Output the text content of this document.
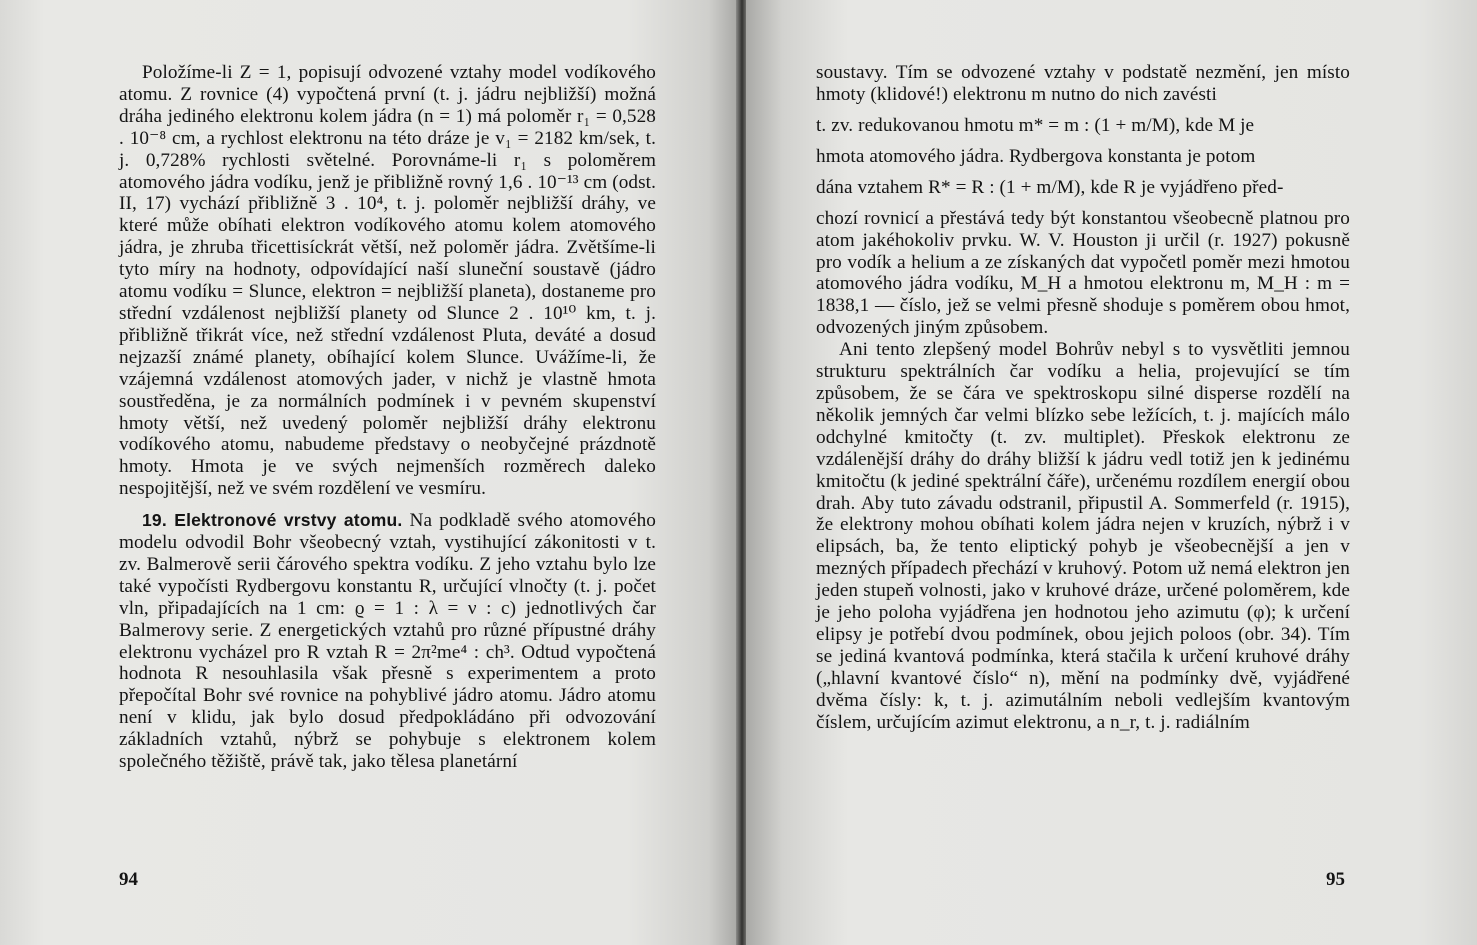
Položíme-li Z = 1, popisují odvozené vztahy model vodíkového atomu. Z rovnice (4) vypočtená první (t. j. jádru nejbližší) možná dráha jediného elektronu kolem jádra (n = 1) má poloměr r₁ = 0,528 . 10⁻⁸ cm, a rychlost elektronu na této dráze je v₁ = 2182 km/sek, t. j. 0,728% rychlosti světelné. Porovnáme-li r₁ s poloměrem atomového jádra vodíku, jenž je přibližně rovný 1,6 . 10⁻¹³ cm (odst. II, 17) vychází přibližně 3 . 10⁴, t. j. poloměr nejbližší dráhy, ve které může obíhati elektron vodíkového atomu kolem atomového jádra, je zhruba třicettisíckrát větší, než poloměr jádra. Zvětšíme-li tyto míry na hodnoty, odpovídající naší sluneční soustavě (jádro atomu vodíku = Slunce, elektron = nejbližší planeta), dostaneme pro střední vzdálenost nejbližší planety od Slunce 2 . 10¹⁰ km, t. j. přibližně třikrát více, než střední vzdálenost Pluta, deváté a dosud nejzazší známé planety, obíhající kolem Slunce. Uvážíme-li, že vzájemná vzdálenost atomových jader, v nichž je vlastně hmota soustředěna, je za normálních podmínek i v pevném skupenství hmoty větší, než uvedený poloměr nejbližší dráhy elektronu vodíkového atomu, nabudeme představy o neobyčejné prázdnotě hmoty. Hmota je ve svých nejmenších rozměrech daleko nespojitější, než ve svém rozdělení ve vesmíru.

19. Elektronové vrstvy atomu. Na podkladě svého atomového modelu odvodil Bohr všeobecný vztah, vystihující zákonitosti v t. zv. Balmerově serii čárového spektra vodíku. Z jeho vztahu bylo lze také vypočísti Rydbergovu konstantu R, určující vlnočty (t. j. počet vln, připadajících na 1 cm: ϱ = 1 : λ = ν : c) jednotlivých čar Balmerovy serie. Z energetických vztahů pro různé přípustné dráhy elektronu vycházel pro R vztah R = 2π²me⁴ : ch³. Odtud vypočtená hodnota R nesouhlasila však přesně s experimentem a proto přepočítal Bohr své rovnice na pohyblivé jádro atomu. Jádro atomu není v klidu, jak bylo dosud předpokládáno při odvozování základních vztahů, nýbrž se pohybuje s elektronem kolem společného těžiště, právě tak, jako tělesa planetární

94

soustavy. Tím se odvozené vztahy v podstatě nezmění, jen místo hmoty (klidové!) elektronu m nutno do nich zavésti

t. zv. redukovanou hmotu m* = m : (1 + m/M), kde M je

hmota atomového jádra. Rydbergova konstanta je potom

dána vztahem R* = R : (1 + m/M), kde R je vyjádřeno před-

chozí rovnicí a přestává tedy být konstantou všeobecně platnou pro atom jakéhokoliv prvku. W. V. Houston ji určil (r. 1927) pokusně pro vodík a helium a ze získaných dat vypočetl poměr mezi hmotou atomového jádra vodíku, M_H a hmotou elektronu m, M_H : m = 1838,1 — číslo, jež se velmi přesně shoduje s poměrem obou hmot, odvozených jiným způsobem.

Ani tento zlepšený model Bohrův nebyl s to vysvětliti jemnou strukturu spektrálních čar vodíku a helia, projevující se tím způsobem, že se čára ve spektroskopu silné disperse rozdělí na několik jemných čar velmi blízko sebe ležících, t. j. majících málo odchylné kmitočty (t. zv. multiplet). Přeskok elektronu ze vzdálenější dráhy do dráhy bližší k jádru vedl totiž jen k jedinému kmitočtu (k jediné spektrální čáře), určenému rozdílem energií obou drah. Aby tuto závadu odstranil, připustil A. Sommerfeld (r. 1915), že elektrony mohou obíhati kolem jádra nejen v kruzích, nýbrž i v elipsách, ba, že tento eliptický pohyb je všeobecnější a jen v mezných případech přechází v kruhový. Potom už nemá elektron jen jeden stupeň volnosti, jako v kruhové dráze, určené poloměrem, kde je jeho poloha vyjádřena jen hodnotou jeho azimutu (φ); k určení elipsy je potřebí dvou podmínek, obou jejich poloos (obr. 34). Tím se jediná kvantová podmínka, která stačila k určení kruhové dráhy („hlavní kvantové číslo“ n), mění na podmínky dvě, vyjádřené dvěma čísly: k, t. j. azimutálním neboli vedlejším kvantovým číslem, určujícím azimut elektronu, a n_r, t. j. radiálním

95
